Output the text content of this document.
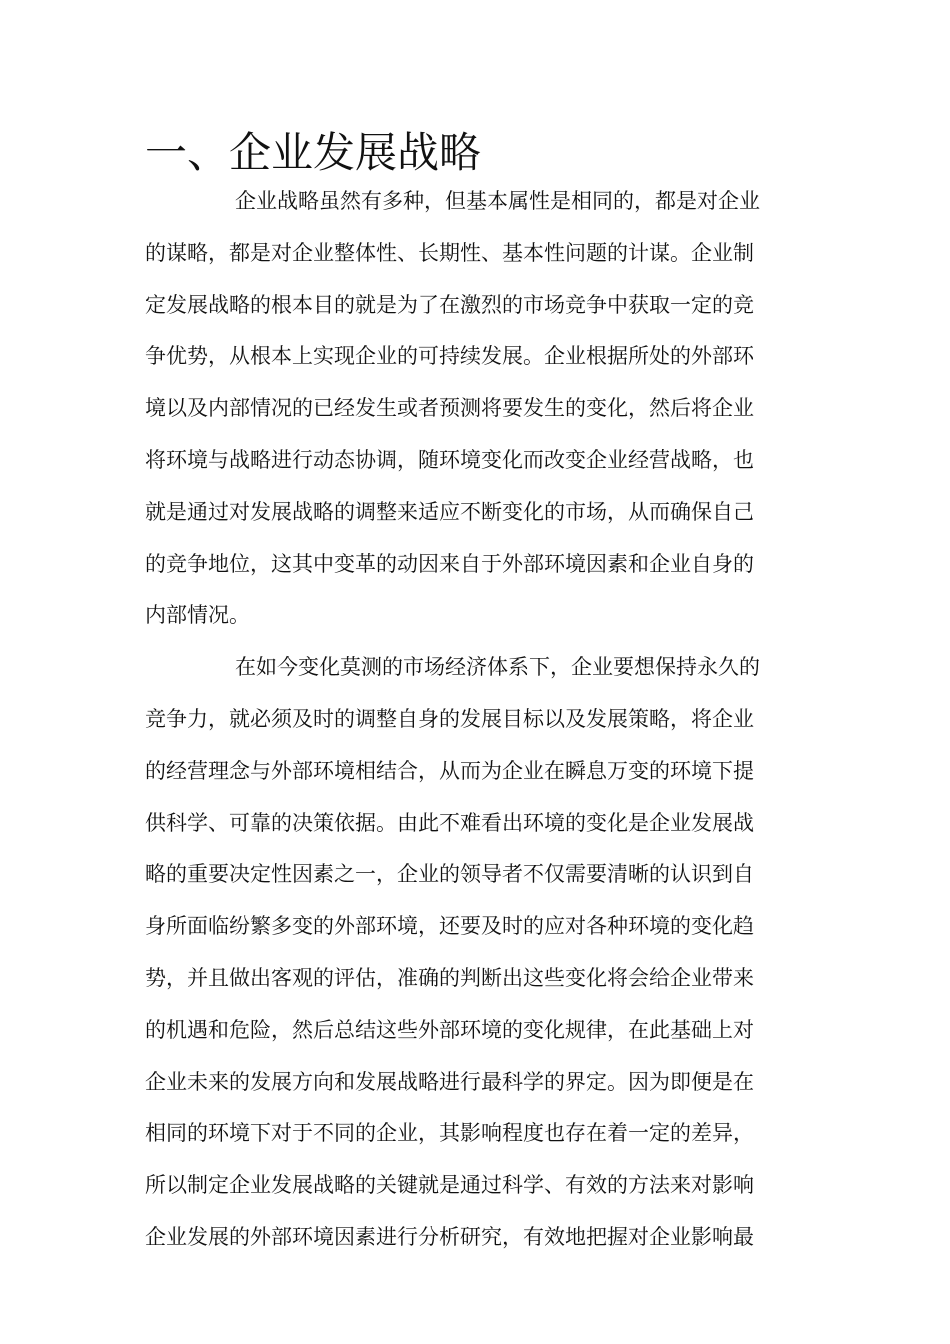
一、企业发展战略

企业战略虽然有多种，但基本属性是相同的，都是对企业
的谋略，都是对企业整体性、长期性、基本性问题的计谋。企业制
定发展战略的根本目的就是为了在激烈的市场竞争中获取一定的竞
争优势，从根本上实现企业的可持续发展。企业根据所处的外部环
境以及内部情况的已经发生或者预测将要发生的变化，然后将企业
将环境与战略进行动态协调，随环境变化而改变企业经营战略，也
就是通过对发展战略的调整来适应不断变化的市场，从而确保自己
的竞争地位，这其中变革的动因来自于外部环境因素和企业自身的
内部情况。

在如今变化莫测的市场经济体系下，企业要想保持永久的
竞争力，就必须及时的调整自身的发展目标以及发展策略，将企业
的经营理念与外部环境相结合，从而为企业在瞬息万变的环境下提
供科学、可靠的决策依据。由此不难看出环境的变化是企业发展战
略的重要决定性因素之一，企业的领导者不仅需要清晰的认识到自
身所面临纷繁多变的外部环境，还要及时的应对各种环境的变化趋
势，并且做出客观的评估，准确的判断出这些变化将会给企业带来
的机遇和危险，然后总结这些外部环境的变化规律，在此基础上对
企业未来的发展方向和发展战略进行最科学的界定。因为即便是在
相同的环境下对于不同的企业，其影响程度也存在着一定的差异，
所以制定企业发展战略的关键就是通过科学、有效的方法来对影响
企业发展的外部环境因素进行分析研究，有效地把握对企业影响最
